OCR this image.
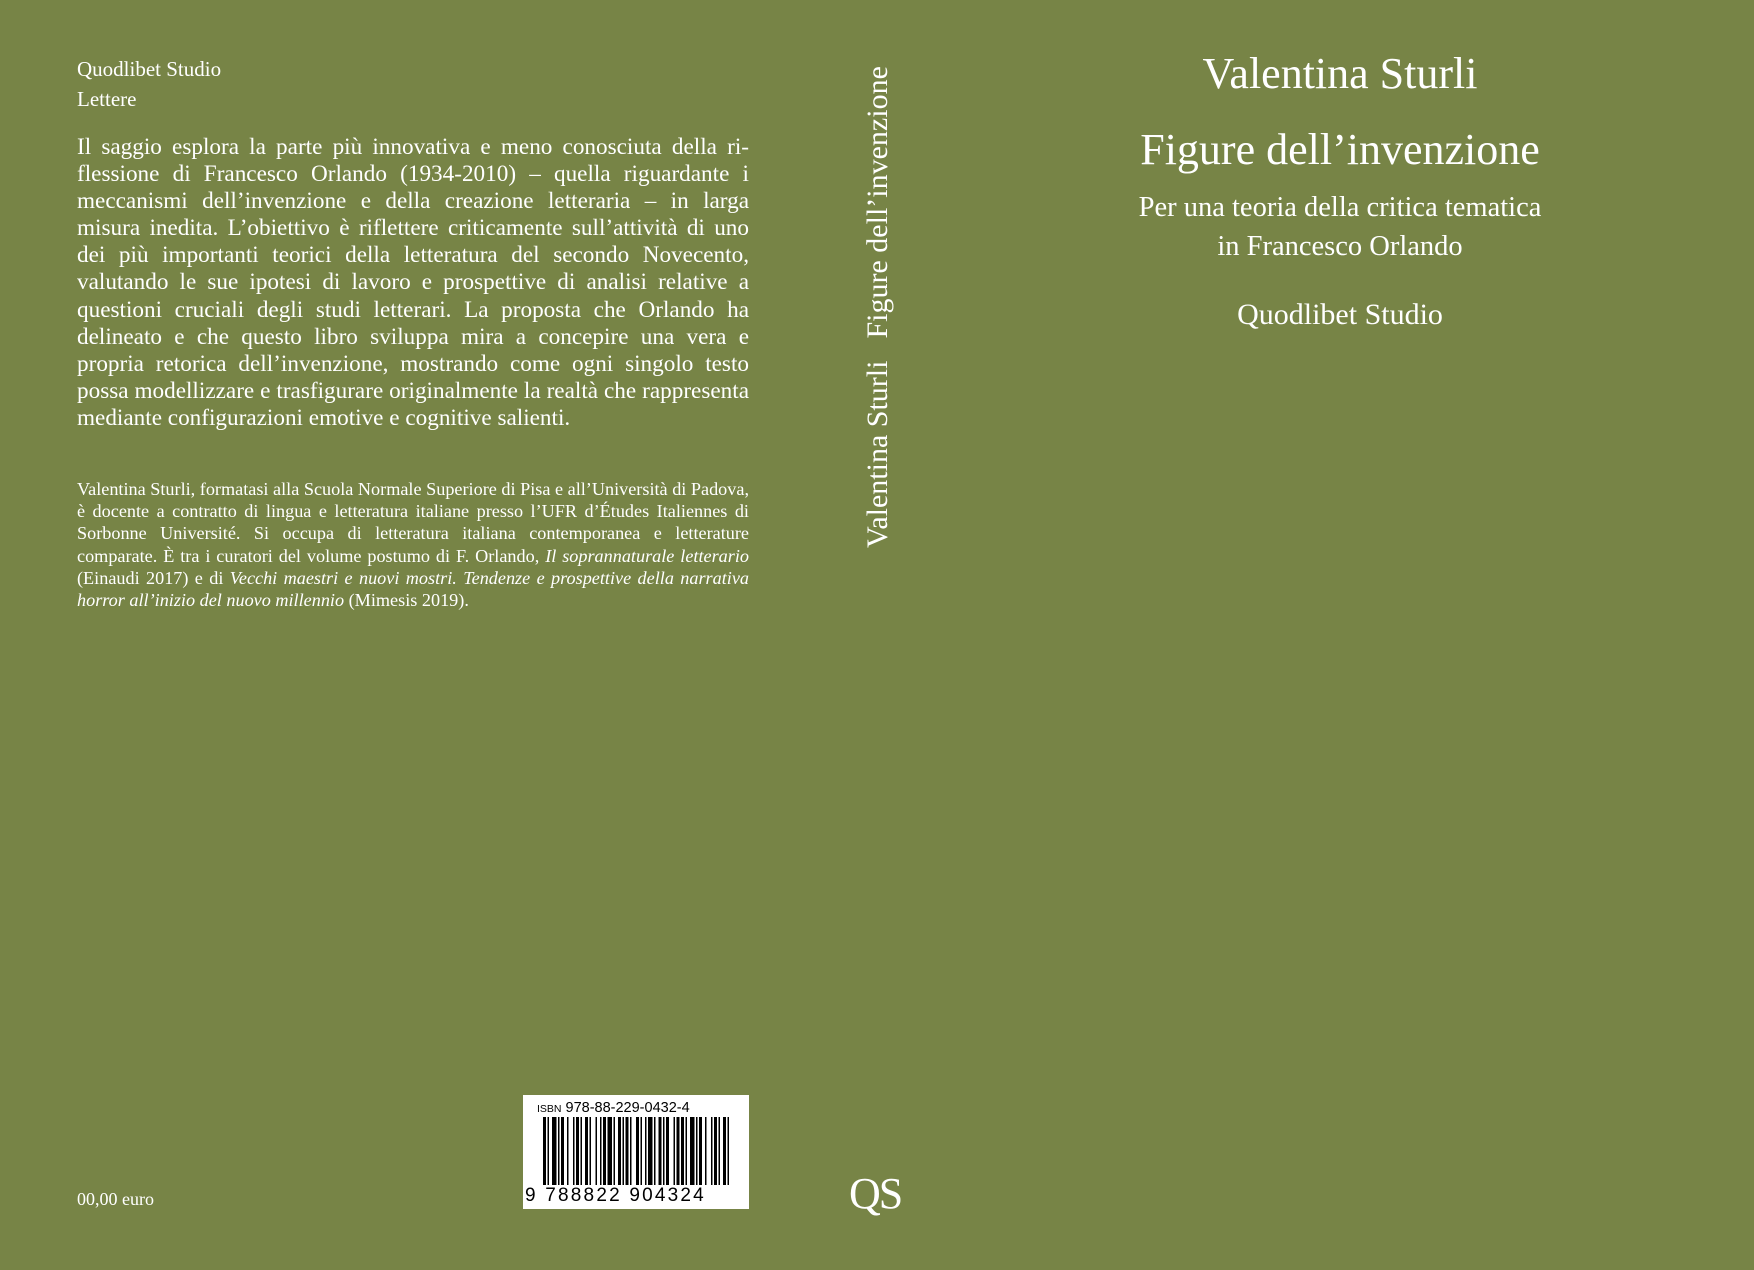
Quodlibet Studio
Lettere
Il saggio esplora la parte più innovativa e meno conosciuta della ri-flessione di Francesco Orlando (1934-2010) – quella riguardante i meccanismi dell’invenzione e della creazione letteraria – in larga misura inedita. L’obiettivo è riflettere criticamente sull’attività di uno dei più importanti teorici della letteratura del secondo Novecento, valutando le sue ipotesi di lavoro e prospettive di analisi relative a questioni cruciali degli studi letterari. La proposta che Orlando ha delineato e che questo libro sviluppa mira a concepire una vera e propria retorica dell’invenzione, mostrando come ogni singolo testo possa modellizzare e trasfigurare originalmente la realtà che rappresenta mediante configurazioni emotive e cognitive salienti.
Valentina Sturli, formatasi alla Scuola Normale Superiore di Pisa e all’Università di Padova, è docente a contratto di lingua e letteratura italiane presso l’UFR d’Études Italiennes di Sorbonne Université. Si occupa di letteratura italiana contemporanea e letterature comparate. È tra i curatori del volume postumo di F. Orlando, Il soprannaturale letterario (Einaudi 2017) e di Vecchi maestri e nuovi mostri. Tendenze e prospettive della narrativa horror all’inizio del nuovo millennio (Mimesis 2019).
ISBN 978-88-229-0432-4
9 788822 904324
00,00 euro
Valentina Sturli
Figure dell’invenzione
QS
Valentina Sturli
Figure dell’invenzione
Per una teoria della critica tematica
in Francesco Orlando
Quodlibet Studio
